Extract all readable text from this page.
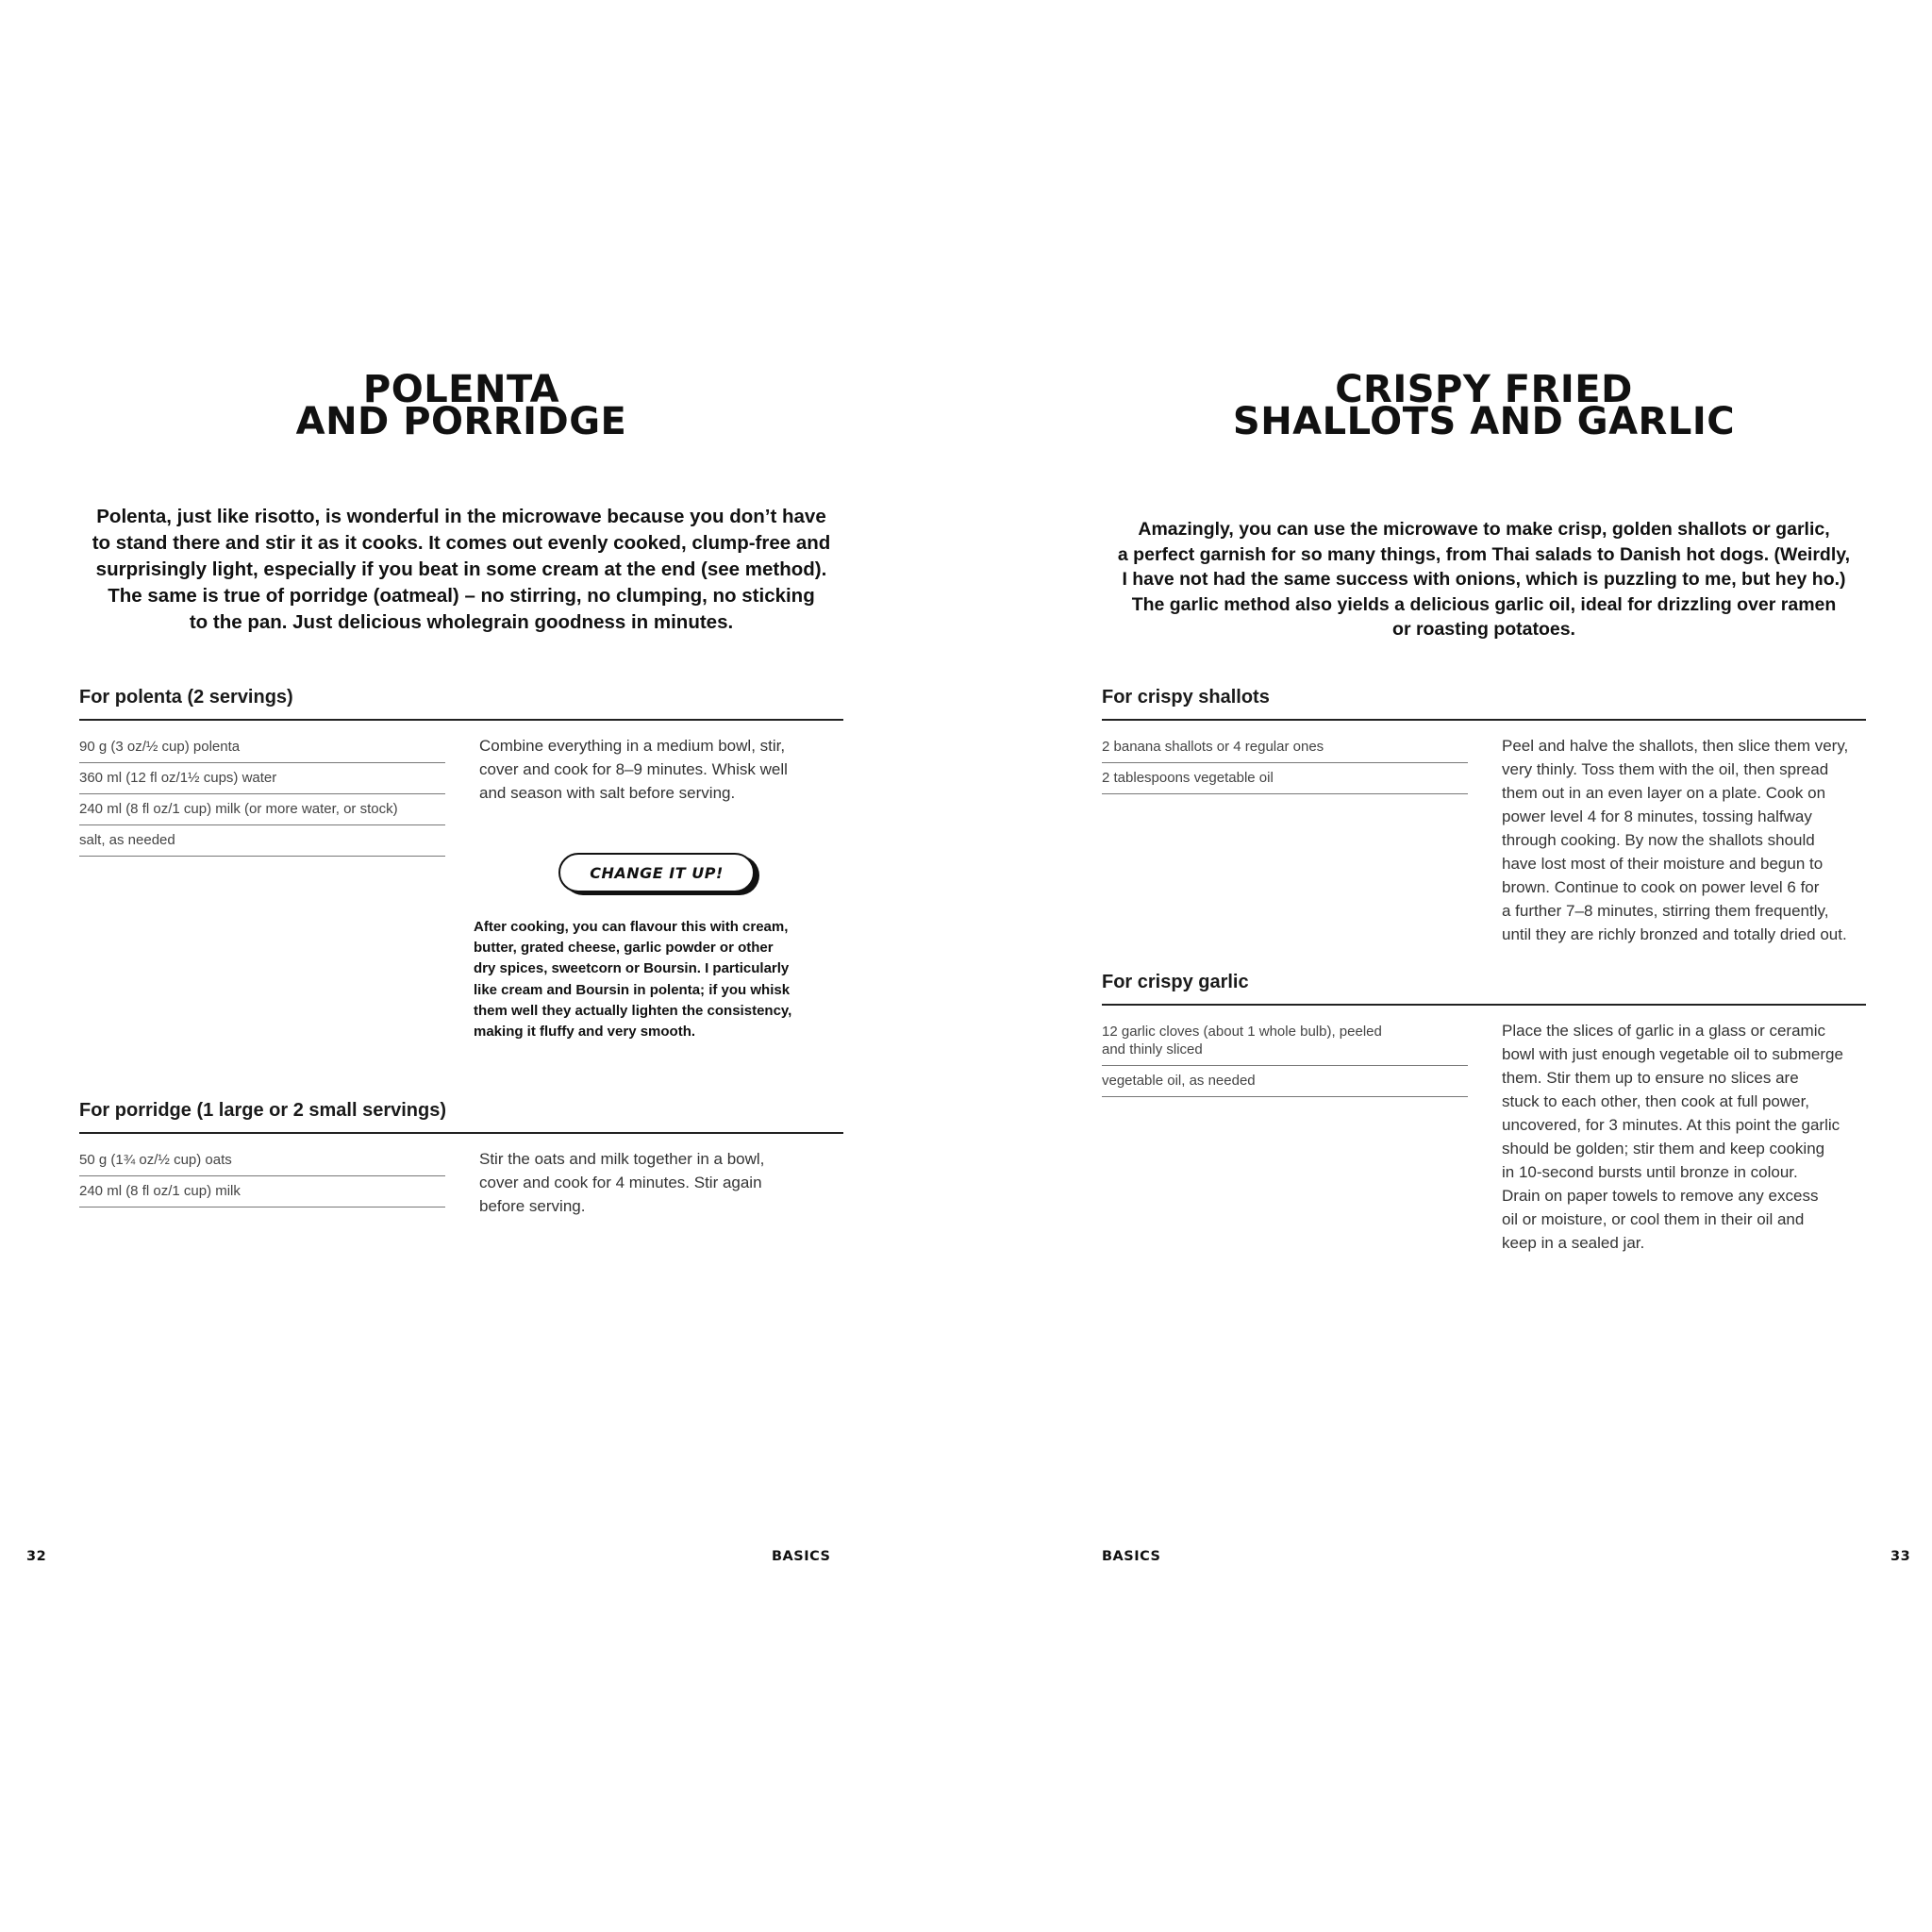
POLENTA
AND PORRIDGE

Polenta, just like risotto, is wonderful in the microwave because you don’t have
to stand there and stir it as it cooks. It comes out evenly cooked, clump-free and
surprisingly light, especially if you beat in some cream at the end (see method).
The same is true of porridge (oatmeal) – no stirring, no clumping, no sticking
to the pan. Just delicious wholegrain goodness in minutes.

For polenta (2 servings)
90 g (3 oz/½ cup) polenta
360 ml (12 fl oz/1½ cups) water
240 ml (8 fl oz/1 cup) milk (or more water, or stock)
salt, as needed

Combine everything in a medium bowl, stir,
cover and cook for 8–9 minutes. Whisk well
and season with salt before serving.

CHANGE IT UP!

After cooking, you can flavour this with cream,
butter, grated cheese, garlic powder or other
dry spices, sweetcorn or Boursin. I particularly
like cream and Boursin in polenta; if you whisk
them well they actually lighten the consistency,
making it fluffy and very smooth.

For porridge (1 large or 2 small servings)
50 g (1¾ oz/½ cup) oats
240 ml (8 fl oz/1 cup) milk

Stir the oats and milk together in a bowl,
cover and cook for 4 minutes. Stir again
before serving.

32	BASICS
CRISPY FRIED
SHALLOTS AND GARLIC

Amazingly, you can use the microwave to make crisp, golden shallots or garlic,
a perfect garnish for so many things, from Thai salads to Danish hot dogs. (Weirdly,
I have not had the same success with onions, which is puzzling to me, but hey ho.)
The garlic method also yields a delicious garlic oil, ideal for drizzling over ramen
or roasting potatoes.

For crispy shallots
2 banana shallots or 4 regular ones
2 tablespoons vegetable oil

Peel and halve the shallots, then slice them very,
very thinly. Toss them with the oil, then spread
them out in an even layer on a plate. Cook on
power level 4 for 8 minutes, tossing halfway
through cooking. By now the shallots should
have lost most of their moisture and begun to
brown. Continue to cook on power level 6 for
a further 7–8 minutes, stirring them frequently,
until they are richly bronzed and totally dried out.

For crispy garlic
12 garlic cloves (about 1 whole bulb), peeled
and thinly sliced
vegetable oil, as needed

Place the slices of garlic in a glass or ceramic
bowl with just enough vegetable oil to submerge
them. Stir them up to ensure no slices are
stuck to each other, then cook at full power,
uncovered, for 3 minutes. At this point the garlic
should be golden; stir them and keep cooking
in 10-second bursts until bronze in colour.
Drain on paper towels to remove any excess
oil or moisture, or cool them in their oil and
keep in a sealed jar.

BASICS	33
